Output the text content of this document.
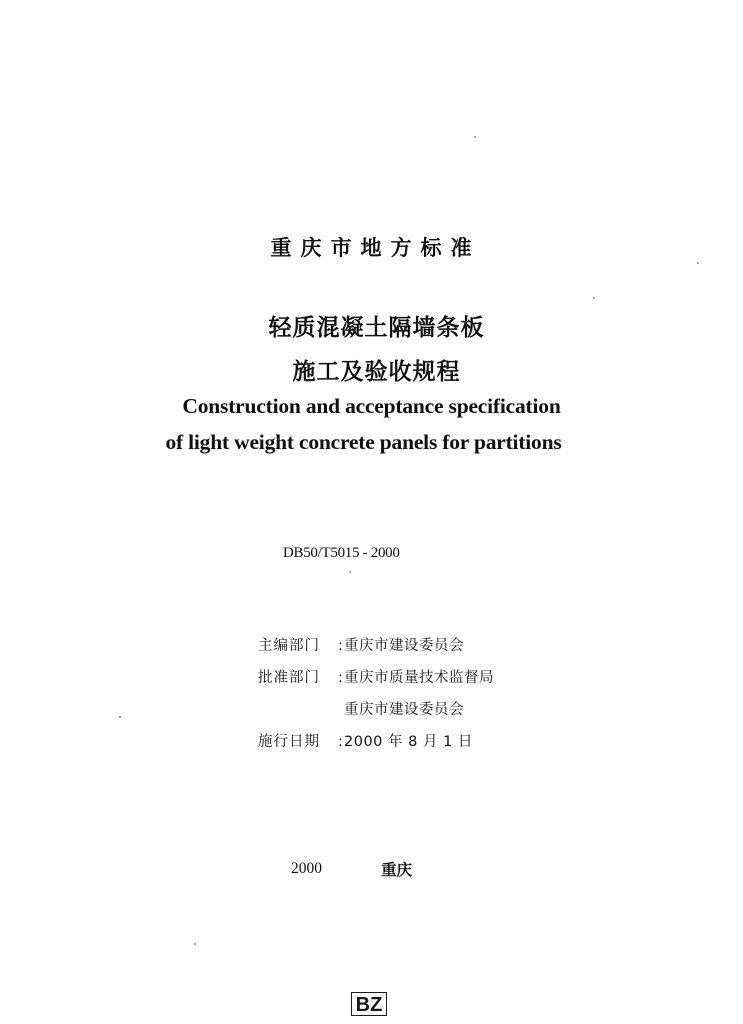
重庆市地方标准
轻质混凝土隔墙条板
施工及验收规程
Construction and acceptance specification
of light weight concrete panels for partitions
DB50/T5015 - 2000
主编部门	: 重庆市建设委员会
批准部门	: 重庆市质量技术监督局
重庆市建设委员会
施行日期	: 2000 年 8 月 1 日
2000	重庆
BZ
